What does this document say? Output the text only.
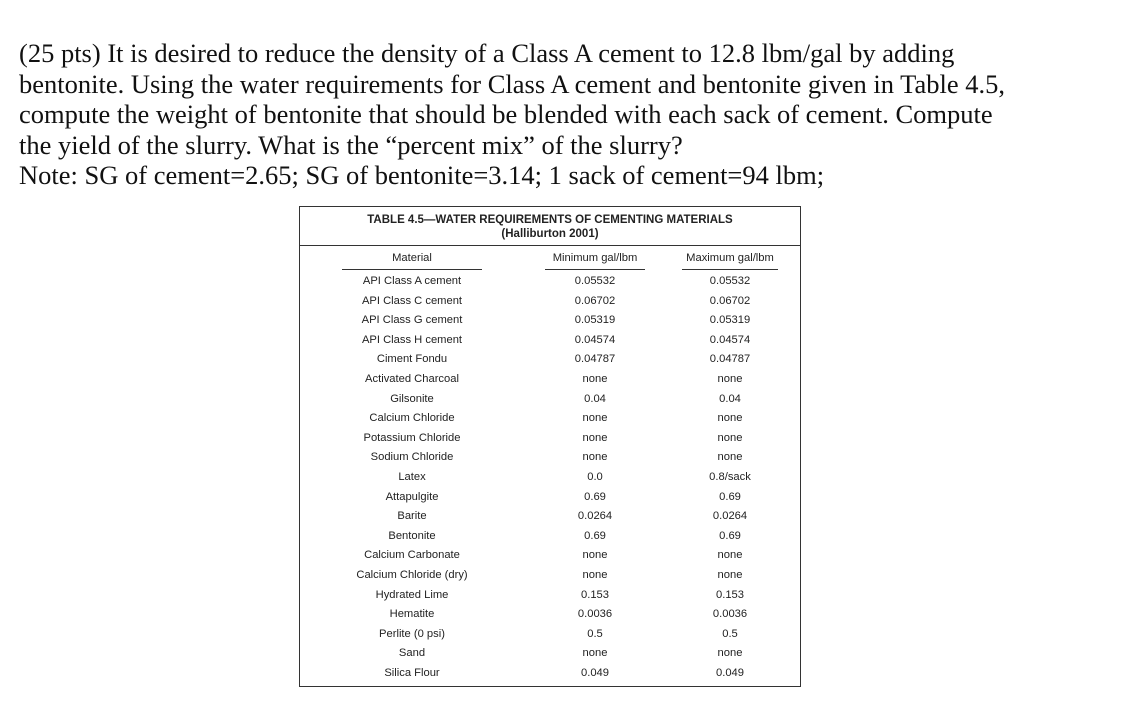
(25 pts) It is desired to reduce the density of a Class A cement to 12.8 lbm/gal by adding

bentonite. Using the water requirements for Class A cement and bentonite given in Table 4.5,

compute the weight of bentonite that should be blended with each sack of cement. Compute

the yield of the slurry. What is the “percent mix” of the slurry?

Note: SG of cement=2.65; SG of bentonite=3.14; 1 sack of cement=94 lbm;

TABLE 4.5—WATER REQUIREMENTS OF CEMENTING MATERIALS
(Halliburton 2001)
Material	Minimum gal/lbm	Maximum gal/lbm
API Class A cement	0.05532	0.05532
API Class C cement	0.06702	0.06702
API Class G cement	0.05319	0.05319
API Class H cement	0.04574	0.04574
Ciment Fondu	0.04787	0.04787
Activated Charcoal	none	none
Gilsonite	0.04	0.04
Calcium Chloride	none	none
Potassium Chloride	none	none
Sodium Chloride	none	none
Latex	0.0	0.8/sack
Attapulgite	0.69	0.69
Barite	0.0264	0.0264
Bentonite	0.69	0.69
Calcium Carbonate	none	none
Calcium Chloride (dry)	none	none
Hydrated Lime	0.153	0.153
Hematite	0.0036	0.0036
Perlite (0 psi)	0.5	0.5
Sand	none	none
Silica Flour	0.049	0.049
